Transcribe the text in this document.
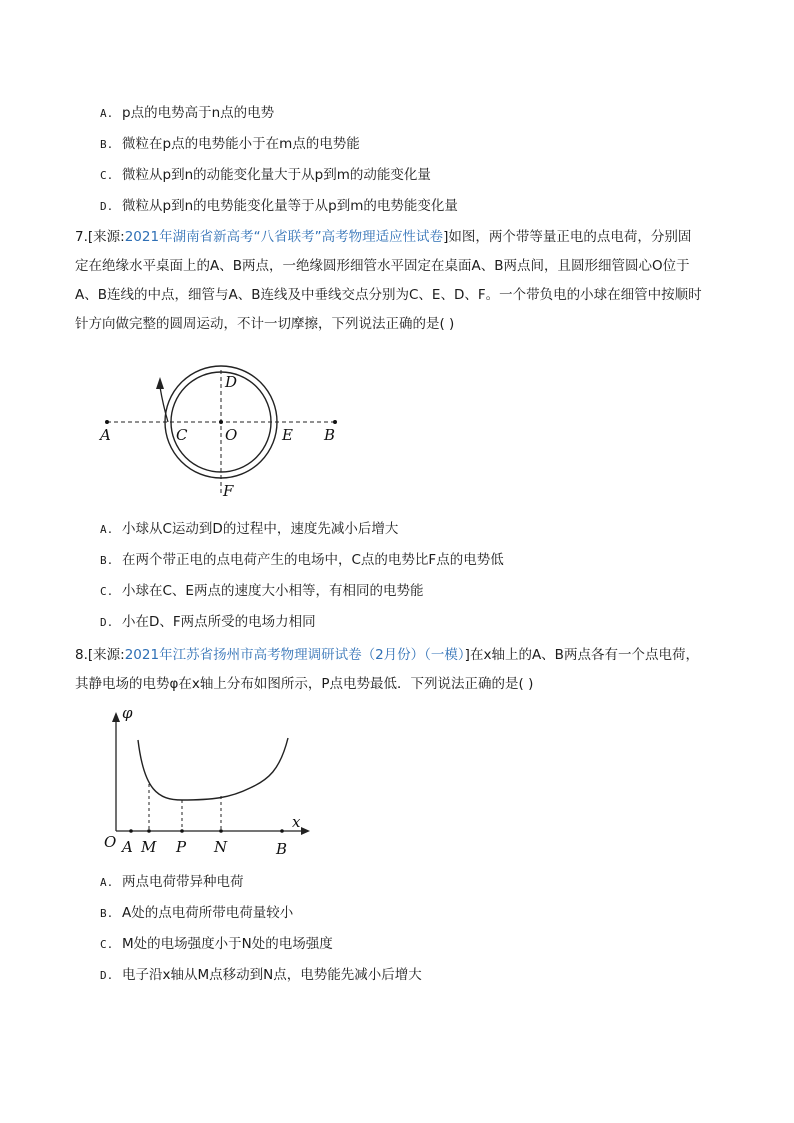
A. p点的电势高于n点的电势
B. 微粒在p点的电势能小于在m点的电势能
C. 微粒从p到n的动能变化量大于从p到m的动能变化量
D. 微粒从p到n的电势能变化量等于从p到m的电势能变化量
7.[来源:2021年湖南省新高考“八省联考”高考物理适应性试卷]如图，两个带等量正电的点电荷，分别固
定在绝缘水平桌面上的A、B两点，一绝缘圆形细管水平固定在桌面A、B两点间，且圆形细管圆心O位于
A、B连线的中点，细管与A、B连线及中垂线交点分别为C、E、D、F。一个带负电的小球在细管中按顺时
针方向做完整的圆周运动，不计一切摩擦，下列说法正确的是( )
D
A	C	O	E B
F
A. 小球从C运动到D的过程中，速度先减小后增大
B. 在两个带正电的点电荷产生的电场中，C点的电势比F点的电势低
C. 小球在C、E两点的速度大小相等，有相同的电势能
D. 小在D、F两点所受的电场力相同
8.[来源:2021年江苏省扬州市高考物理调研试卷（2月份）（一模）]在x轴上的A、B两点各有一个点电荷，
其静电场的电势φ在x轴上分布如图所示，P点电势最低．下列说法正确的是( )
φ
x
O A M P N	B
A. 两点电荷带异种电荷
B. A处的点电荷所带电荷量较小
C. M处的电场强度小于N处的电场强度
D. 电子沿x轴从M点移动到N点，电势能先减小后增大
